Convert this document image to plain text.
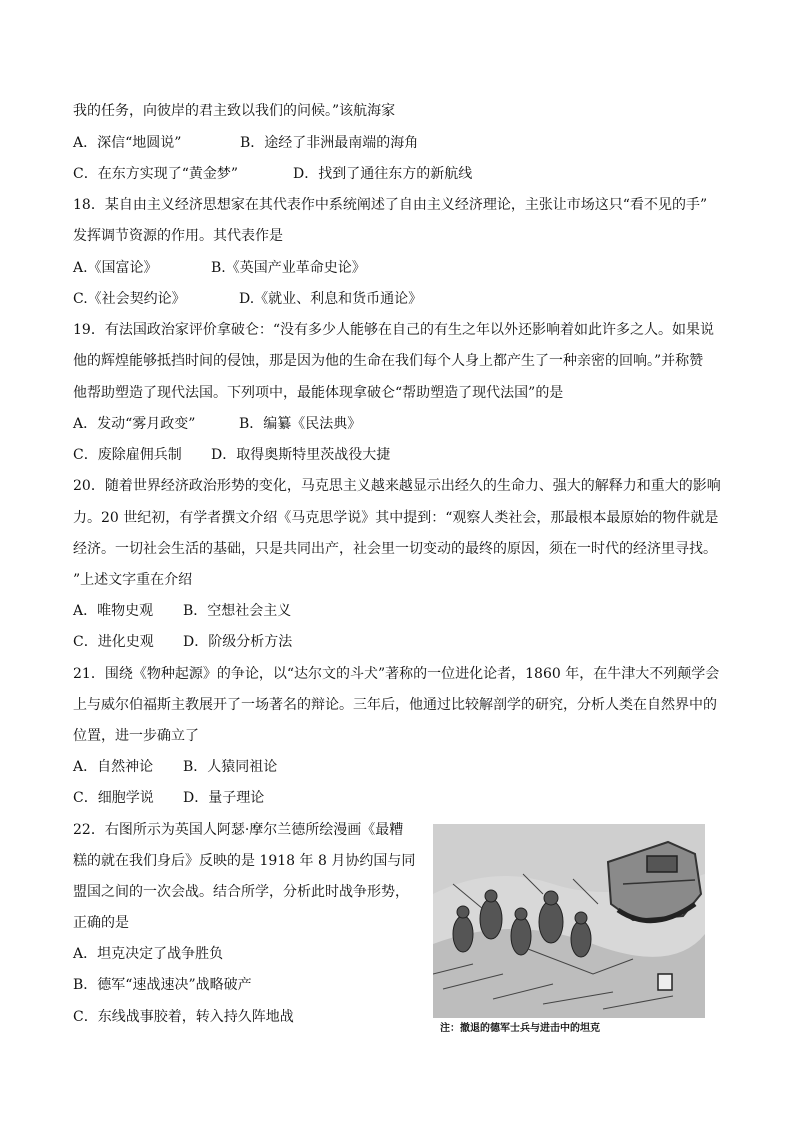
我的任务，向彼岸的君主致以我们的问候。”该航海家
A．深信“地圆说”	B．途经了非洲最南端的海角
C．在东方实现了“黄金梦”	D．找到了通往东方的新航线
18．某自由主义经济思想家在其代表作中系统阐述了自由主义经济理论，主张让市场这只“看不见的手”
发挥调节资源的作用。其代表作是
A.《国富论》	B.《英国产业革命史论》
C.《社会契约论》	D.《就业、利息和货币通论》
19．有法国政治家评价拿破仑：“没有多少人能够在自己的有生之年以外还影响着如此许多之人。如果说
他的辉煌能够抵挡时间的侵蚀，那是因为他的生命在我们每个人身上都产生了一种亲密的回响。”并称赞
他帮助塑造了现代法国。下列项中，最能体现拿破仑“帮助塑造了现代法国”的是
A．发动“雾月政变”	B．编纂《民法典》
C．废除雇佣兵制 D．取得奥斯特里茨战役大捷
20．随着世界经济政治形势的变化，马克思主义越来越显示出经久的生命力、强大的解释力和重大的影响
力。20 世纪初，有学者撰文介绍《马克思学说》其中提到：“观察人类社会，那最根本最原始的物件就是
经济。一切社会生活的基础，只是共同出产，社会里一切变动的最终的原因，须在一时代的经济里寻找。
”上述文字重在介绍
A．唯物史观 B．空想社会主义
C．进化史观 D．阶级分析方法
21．围绕《物种起源》的争论，以“达尔文的斗犬”著称的一位进化论者，1860 年，在牛津大不列颠学会
上与威尔伯福斯主教展开了一场著名的辩论。三年后，他通过比较解剖学的研究，分析人类在自然界中的
位置，进一步确立了
A．自然神论 B．人猿同祖论
C．细胞学说 D．量子理论
22．右图所示为英国人阿瑟·摩尔兰德所绘漫画《最糟
糕的就在我们身后》反映的是 1918 年 8 月协约国与同
盟国之间的一次会战。结合所学，分析此时战争形势，
正确的是
A．坦克决定了战争胜负
B．德军“速战速决”战略破产
C．东线战事胶着，转入持久阵地战
注：撤退的德军士兵与进击中的坦克
